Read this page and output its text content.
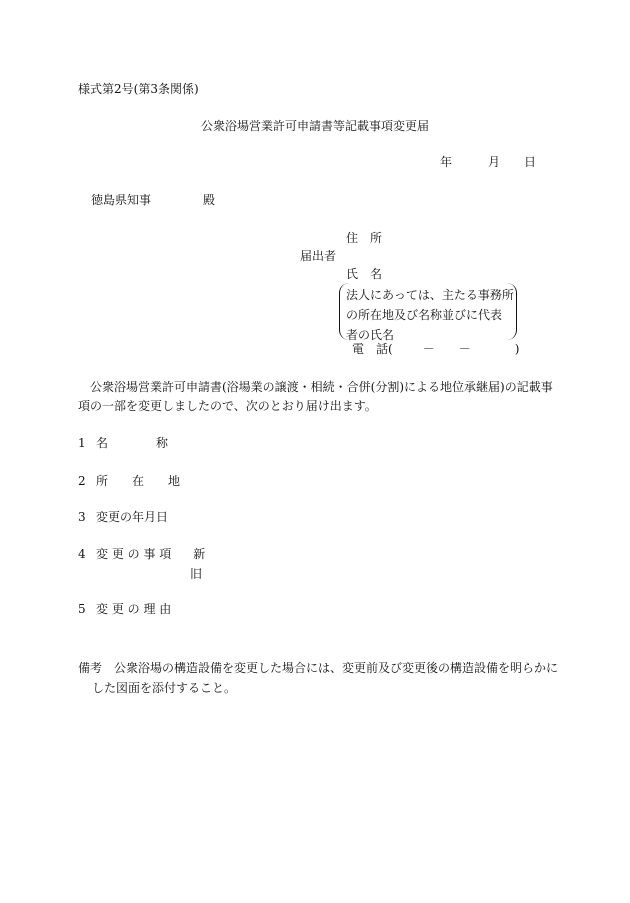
様式第2号(第3条関係)
公衆浴場営業許可申請書等記載事項変更届
年	月 日
徳島県知事	殿
住　所
届出者
氏　名
法人にあっては、主たる事務所
の所在地及び名称並びに代表
者の氏名
電　話(	－ －	)
公衆浴場営業許可申請書(浴場業の譲渡・相続・合併(分割)による地位承継届)の記載事項の一部を変更しましたので、次のとおり届け出ます。
1 名　　　　称
2 所　　在　　地
3 変更の年月日
4 変 更 の 事 項 新
旧
5 変 更 の 理 由
備考 公衆浴場の構造設備を変更した場合には、変更前及び変更後の構造設備を明らかに
した図面を添付すること。
